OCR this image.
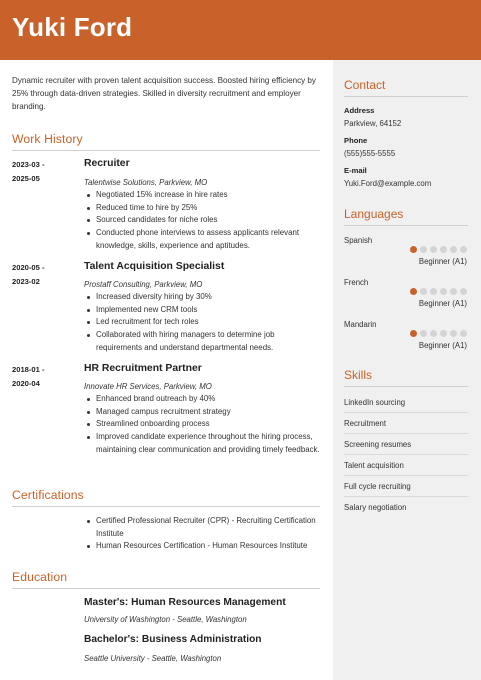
Yuki Ford
Dynamic recruiter with proven talent acquisition success. Boosted hiring efficiency by 25% through data-driven strategies. Skilled in diversity recruitment and employer branding.
Work History
2023-03 -
2025-05
Recruiter
Talentwise Solutions, Parkview, MO
Negotiated 15% increase in hire rates
Reduced time to hire by 25%
Sourced candidates for niche roles
Conducted phone interviews to assess applicants relevant knowledge, skills, experience and aptitudes.
2020-05 -
2023-02
Talent Acquisition Specialist
Prostaff Consulting, Parkview, MO
Increased diversity hiring by 30%
Implemented new CRM tools
Led recruitment for tech roles
Collaborated with hiring managers to determine job requirements and understand departmental needs.
2018-01 -
2020-04
HR Recruitment Partner
Innovate HR Services, Parkview, MO
Enhanced brand outreach by 40%
Managed campus recruitment strategy
Streamlined onboarding process
Improved candidate experience throughout the hiring process, maintaining clear communication and providing timely feedback.
Certifications
Certified Professional Recruiter (CPR) - Recruiting Certification Institute
Human Resources Certification - Human Resources Institute
Education
Master's: Human Resources Management
University of Washington - Seattle, Washington
Bachelor's: Business Administration
Seattle University - Seattle, Washington
Contact
Address
Parkview, 64152
Phone
(555)555-5555
E-mail
Yuki.Ford@example.com
Languages
Spanish
Beginner (A1)
French
Beginner (A1)
Mandarin
Beginner (A1)
Skills
LinkedIn sourcing
Recruitment
Screening resumes
Talent acquisition
Full cycle recruiting
Salary negotiation
